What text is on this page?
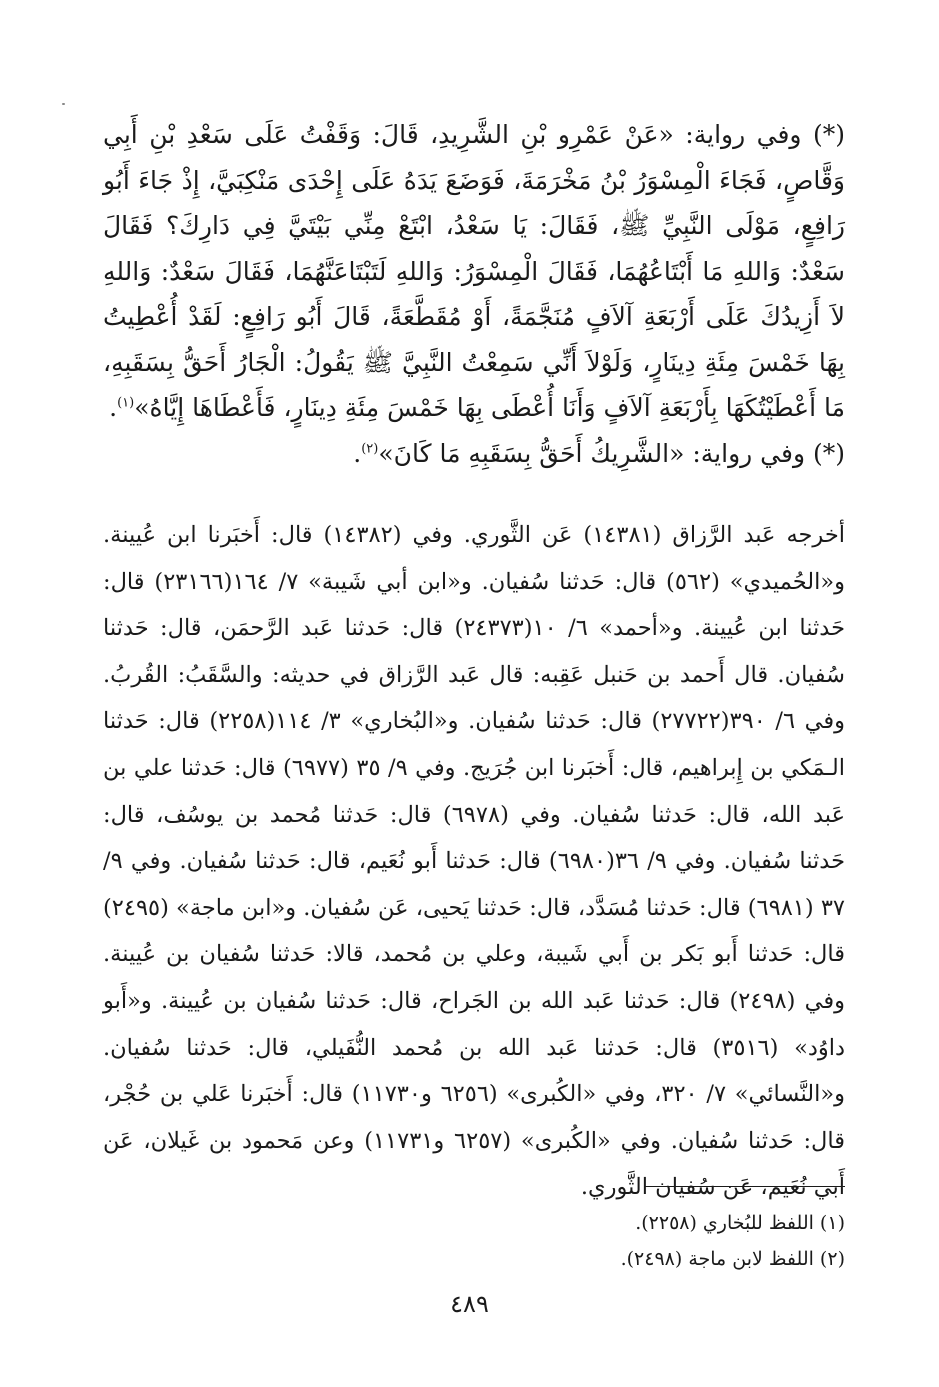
(*) وفي رواية: «عَنْ عَمْرِو بْنِ الشَّرِيدِ، قَالَ: وَقَفْتُ عَلَى سَعْدِ بْنِ أَبِي وَقَّاصٍ، فَجَاءَ الْمِسْوَرُ بْنُ مَخْرَمَةَ، فَوَضَعَ يَدَهُ عَلَى إِحْدَى مَنْكِبَيَّ، إِذْ جَاءَ أَبُو رَافِعٍ، مَوْلَى النَّبِيِّ ﷺ، فَقَالَ: يَا سَعْدُ، ابْتَعْ مِنِّي بَيْتَيَّ فِي دَارِكَ؟ فَقَالَ سَعْدٌ: وَاللهِ مَا أَبْتَاعُهُمَا، فَقَالَ الْمِسْوَرُ: وَاللهِ لَتَبْتَاعَنَّهُمَا، فَقَالَ سَعْدٌ: وَاللهِ لاَ أَزِيدُكَ عَلَى أَرْبَعَةِ آلاَفٍ مُنَجَّمَةً، أَوْ مُقَطَّعَةً، قَالَ أَبُو رَافِعٍ: لَقَدْ أُعْطِيتُ بِهَا خَمْسَ مِئَةِ دِينَارٍ، وَلَوْلاَ أَنِّي سَمِعْتُ النَّبِيَّ ﷺ يَقُولُ: الْجَارُ أَحَقُّ بِسَقَبِهِ، مَا أَعْطَيْتُكَهَا بِأَرْبَعَةِ آلاَفٍ وَأَنَا أُعْطَى بِهَا خَمْسَ مِئَةِ دِينَارٍ، فَأَعْطَاهَا إِيَّاهُ»$^{(١)}$.

(*) وفي رواية: «الشَّرِيكُ أَحَقُّ بِسَقَبِهِ مَا كَانَ»$^{(٢)}$.

أخرجه عَبد الرَّزاق (١٤٣٨١) عَن الثَّوري. وفي (١٤٣٨٢) قال: أَخبَرنا ابن عُيينة. و«الحُميدي» (٥٦٢) قال: حَدثنا سُفيان. و«ابن أبي شَيبة» ٧/ ١٦٤(٢٣١٦٦) قال: حَدثنا ابن عُيينة. و«أحمد» ٦/ ١٠(٢٤٣٧٣) قال: حَدثنا عَبد الرَّحمَن، قال: حَدثنا سُفيان. قال أَحمد بن حَنبل عَقِبه: قال عَبد الرَّزاق في حديثه: والسَّقَبُ: القُربُ. وفي ٦/ ٣٩٠(٢٧٧٢٢) قال: حَدثنا سُفيان. و«البُخاري» ٣/ ١١٤(٢٢٥٨) قال: حَدثنا الـمَكي بن إِبراهيم، قال: أَخبَرنا ابن جُرَيج. وفي ٩/ ٣٥ (٦٩٧٧) قال: حَدثنا علي بن عَبد الله، قال: حَدثنا سُفيان. وفي (٦٩٧٨) قال: حَدثنا مُحمد بن يوسُف، قال: حَدثنا سُفيان. وفي ٩/ ٣٦(٦٩٨٠) قال: حَدثنا أَبو نُعَيم، قال: حَدثنا سُفيان. وفي ٩/ ٣٧ (٦٩٨١) قال: حَدثنا مُسَدَّد، قال: حَدثنا يَحيى، عَن سُفيان. و«ابن ماجة» (٢٤٩٥) قال: حَدثنا أَبو بَكر بن أَبي شَيبة، وعلي بن مُحمد، قالا: حَدثنا سُفيان بن عُيينة. وفي (٢٤٩٨) قال: حَدثنا عَبد الله بن الجَراح، قال: حَدثنا سُفيان بن عُيينة. و«أَبو داوُد» (٣٥١٦) قال: حَدثنا عَبد الله بن مُحمد النُّفَيلي، قال: حَدثنا سُفيان. و«النَّسائي» ٧/ ٣٢٠، وفي «الكُبرى» (٦٢٥٦ و١١٧٣٠) قال: أَخبَرنا عَلي بن حُجْر، قال: حَدثنا سُفيان. وفي «الكُبرى» (٦٢٥٧ و١١٧٣١) وعن مَحمود بن غَيلان، عَن أَبي نُعَيم، عَن سُفيان الثَّوري.

(١) اللفظ للبُخاري (٢٢٥٨).
(٢) اللفظ لابن ماجة (٢٤٩٨).
٤٨٩
